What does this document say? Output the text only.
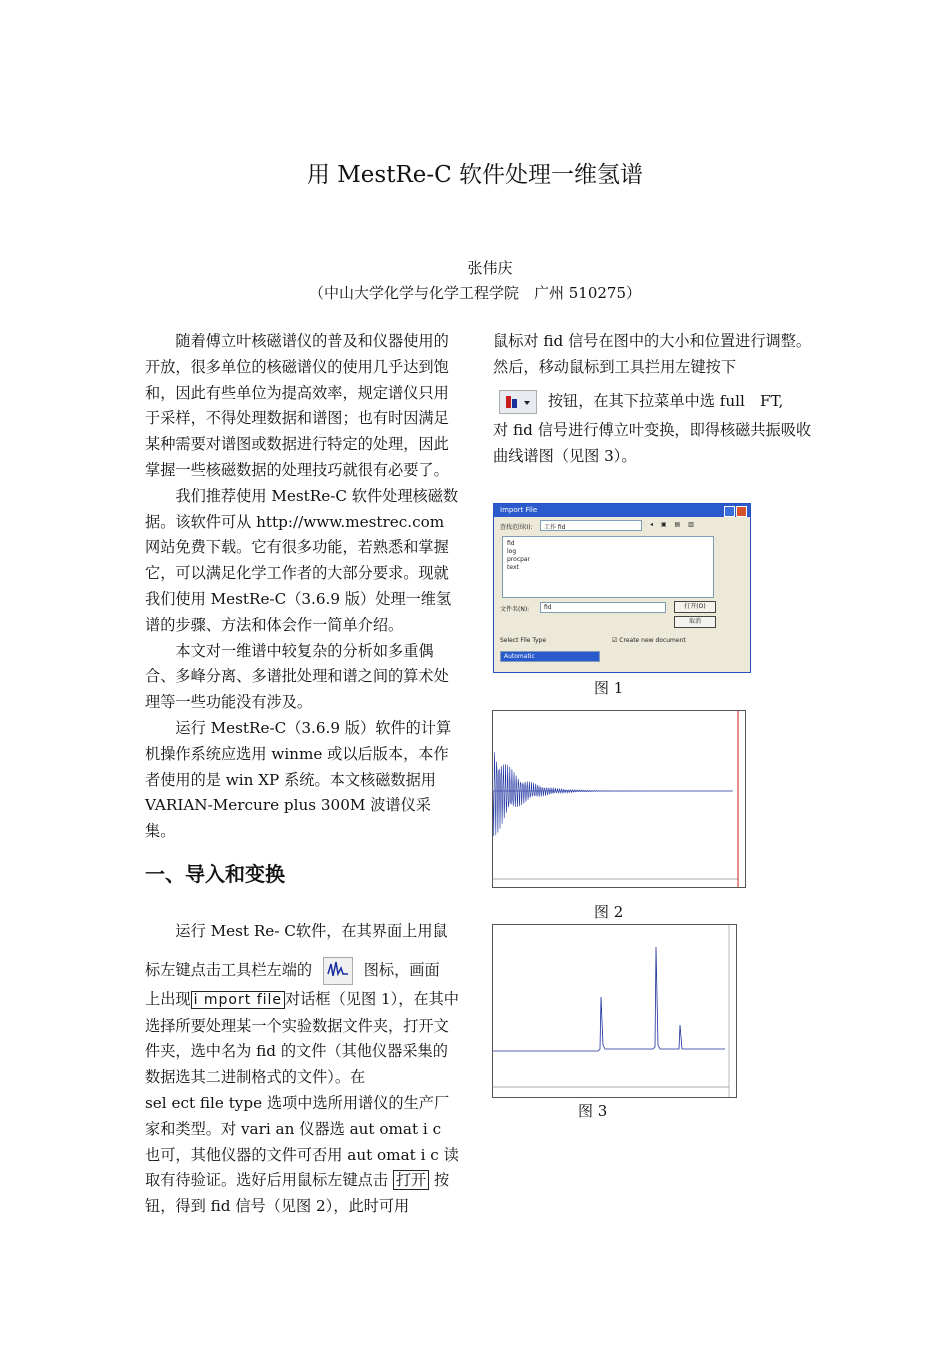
用 MestRe-C 软件处理一维氢谱
张伟庆
（中山大学化学与化学工程学院　广州 510275）

随着傅立叶核磁谱仪的普及和仪器使用的开放，很多单位的核磁谱仪的使用几乎达到饱和，因此有些单位为提高效率，规定谱仪只用于采样，不得处理数据和谱图；也有时因满足某种需要对谱图或数据进行特定的处理，因此掌握一些核磁数据的处理技巧就很有必要了。

我们推荐使用 MestRe-C 软件处理核磁数据。该软件可从 http://www.mestrec.com 网站免费下载。它有很多功能，若熟悉和掌握它，可以满足化学工作者的大部分要求。现就我们使用 MestRe-C（3.6.9 版）处理一维氢谱的步骤、方法和体会作一简单介绍。

本文对一维谱中较复杂的分析如多重偶合、多峰分离、多谱批处理和谱之间的算术处理等一些功能没有涉及。

运行 MestRe-C（3.6.9 版）软件的计算机操作系统应选用 winme 或以后版本，本作者使用的是 win XP 系统。本文核磁数据用 VARIAN-Mercure plus 300M 波谱仪采集。

一、导入和变换

运行 Mest Re- C软件，在其界面上用鼠

标左键点击工具栏左端的	图标，画面

上出现 i mport file 对话框（见图 1），在其中选择所要处理某一个实验数据文件夹，打开文件夹，选中名为 fid 的文件（其他仪器采集的数据选其二进制格式的文件）。在

sel ect file type 选项中选所用谱仪的生产厂家和类型。对 vari an 仪器选 aut omat i c 也可，其他仪器的文件可否用 aut omat i c 读取有待验证。选好后用鼠标左键点击 打开 按钮，得到 fid 信号（见图 2），此时可用

鼠标对 fid 信号在图中的大小和位置进行调整。然后，移动鼠标到工具拦用左键按下

按钮，在其下拉菜单中选 full　FT,

对 fid 信号进行傅立叶变换，即得核磁共振吸收曲线谱图（见图 3）。

Import File
查找范围(I): 工作 fid	◂ ▣ ▤ ▥
fid
log
procpar
text
文件名(N): fid	打开(O)
取消
Select File Type	☑ Create new document
Automatic
图 1
图 2
图 3
